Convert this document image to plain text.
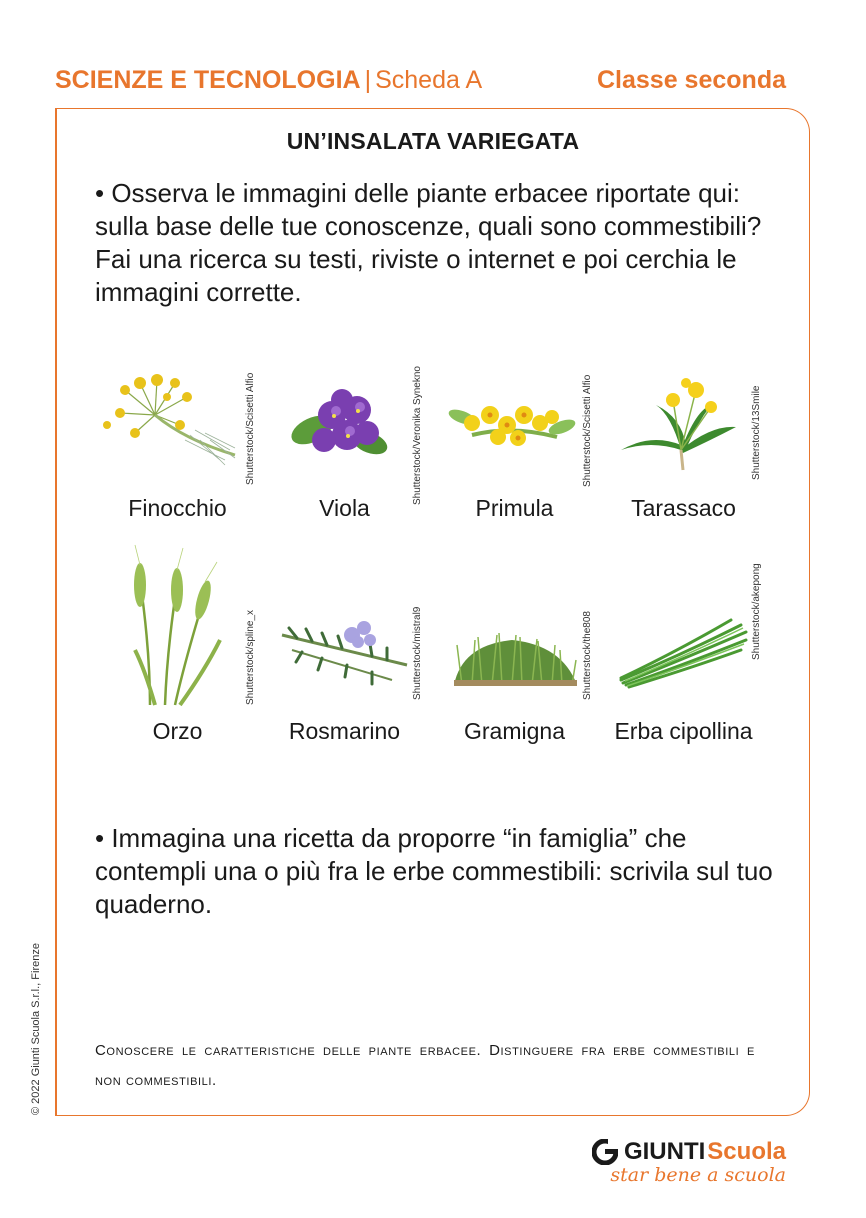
SCIENZE E TECNOLOGIA | Scheda A	Classe seconda
UN’INSALATA VARIEGATA
• Osserva le immagini delle piante erbacee riportate qui: sulla base delle tue conoscenze, quali sono commestibili? Fai una ricerca su testi, riviste o internet e poi cerchia le immagini corrette.
Shutterstock/Scisetti Alfio
Finocchio
Shutterstock/Veronika Synekno
Viola
Shutterstock/Scisetti Alfio
Primula
Shutterstock/13Smile
Tarassaco
Shutterstock/spline_x
Orzo
Shutterstock/mistral9
Rosmarino
Shutterstock/the808
Gramigna
Shutterstock/akepong
Erba cipollina
• Immagina una ricetta da proporre “in famiglia” che contempli una o più fra le erbe commestibili: scrivila sul tuo quaderno.
Conoscere le caratteristiche delle piante erbacee. Distinguere fra erbe commestibili e non commestibili.
© 2022 Giunti Scuola S.r.l., Firenze
GIUNTI Scuola
star bene a scuola
